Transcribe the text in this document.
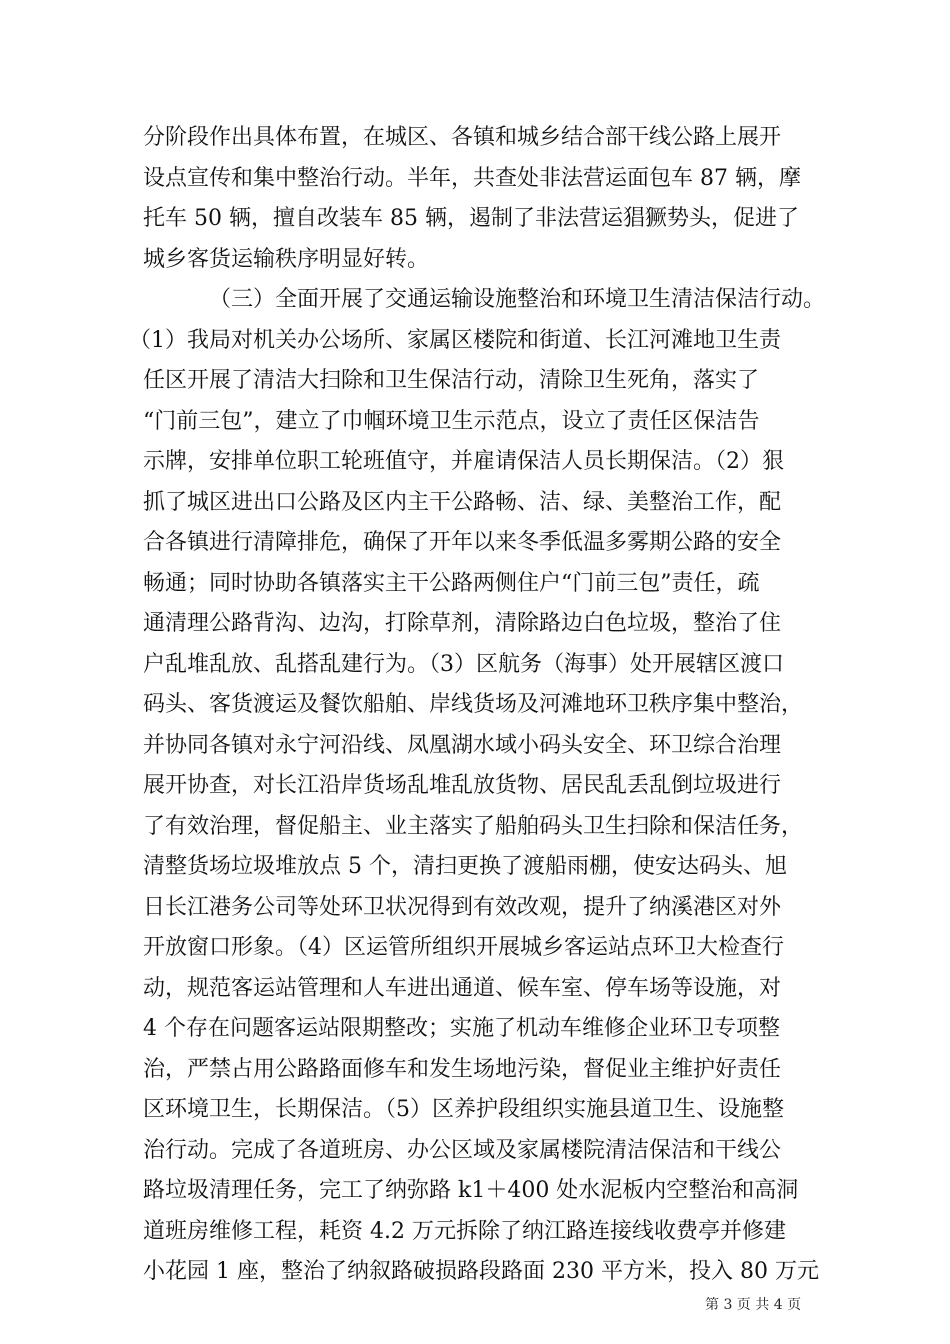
分阶段作出具体布置，在城区、各镇和城乡结合部干线公路上展开
设点宣传和集中整治行动。半年，共查处非法营运面包车 87 辆，摩
托车 50 辆，擅自改装车 85 辆，遏制了非法营运猖獗势头，促进了
城乡客货运输秩序明显好转。
（三）全面开展了交通运输设施整治和环境卫生清洁保洁行动。
（1）我局对机关办公场所、家属区楼院和街道、长江河滩地卫生责
任区开展了清洁大扫除和卫生保洁行动，清除卫生死角，落实了
“门前三包”，建立了巾帼环境卫生示范点，设立了责任区保洁告
示牌，安排单位职工轮班值守，并雇请保洁人员长期保洁。（2）狠
抓了城区进出口公路及区内主干公路畅、洁、绿、美整治工作，配
合各镇进行清障排危，确保了开年以来冬季低温多雾期公路的安全
畅通；同时协助各镇落实主干公路两侧住户“门前三包”责任，疏
通清理公路背沟、边沟，打除草剂，清除路边白色垃圾，整治了住
户乱堆乱放、乱搭乱建行为。（3）区航务（海事）处开展辖区渡口
码头、客货渡运及餐饮船舶、岸线货场及河滩地环卫秩序集中整治，
并协同各镇对永宁河沿线、凤凰湖水域小码头安全、环卫综合治理
展开协查，对长江沿岸货场乱堆乱放货物、居民乱丢乱倒垃圾进行
了有效治理，督促船主、业主落实了船舶码头卫生扫除和保洁任务，
清整货场垃圾堆放点 5 个，清扫更换了渡船雨棚，使安达码头、旭
日长江港务公司等处环卫状况得到有效改观，提升了纳溪港区对外
开放窗口形象。（4）区运管所组织开展城乡客运站点环卫大检查行
动，规范客运站管理和人车进出通道、候车室、停车场等设施，对
4 个存在问题客运站限期整改；实施了机动车维修企业环卫专项整
治，严禁占用公路路面修车和发生场地污染，督促业主维护好责任
区环境卫生，长期保洁。（5）区养护段组织实施县道卫生、设施整
治行动。完成了各道班房、办公区域及家属楼院清洁保洁和干线公
路垃圾清理任务，完工了纳弥路 k1＋400 处水泥板内空整治和高洞
道班房维修工程，耗资 4.2 万元拆除了纳江路连接线收费亭并修建
小花园 1 座，整治了纳叙路破损路段路面 230 平方米，投入 80 万元
第 3 页 共 4 页
